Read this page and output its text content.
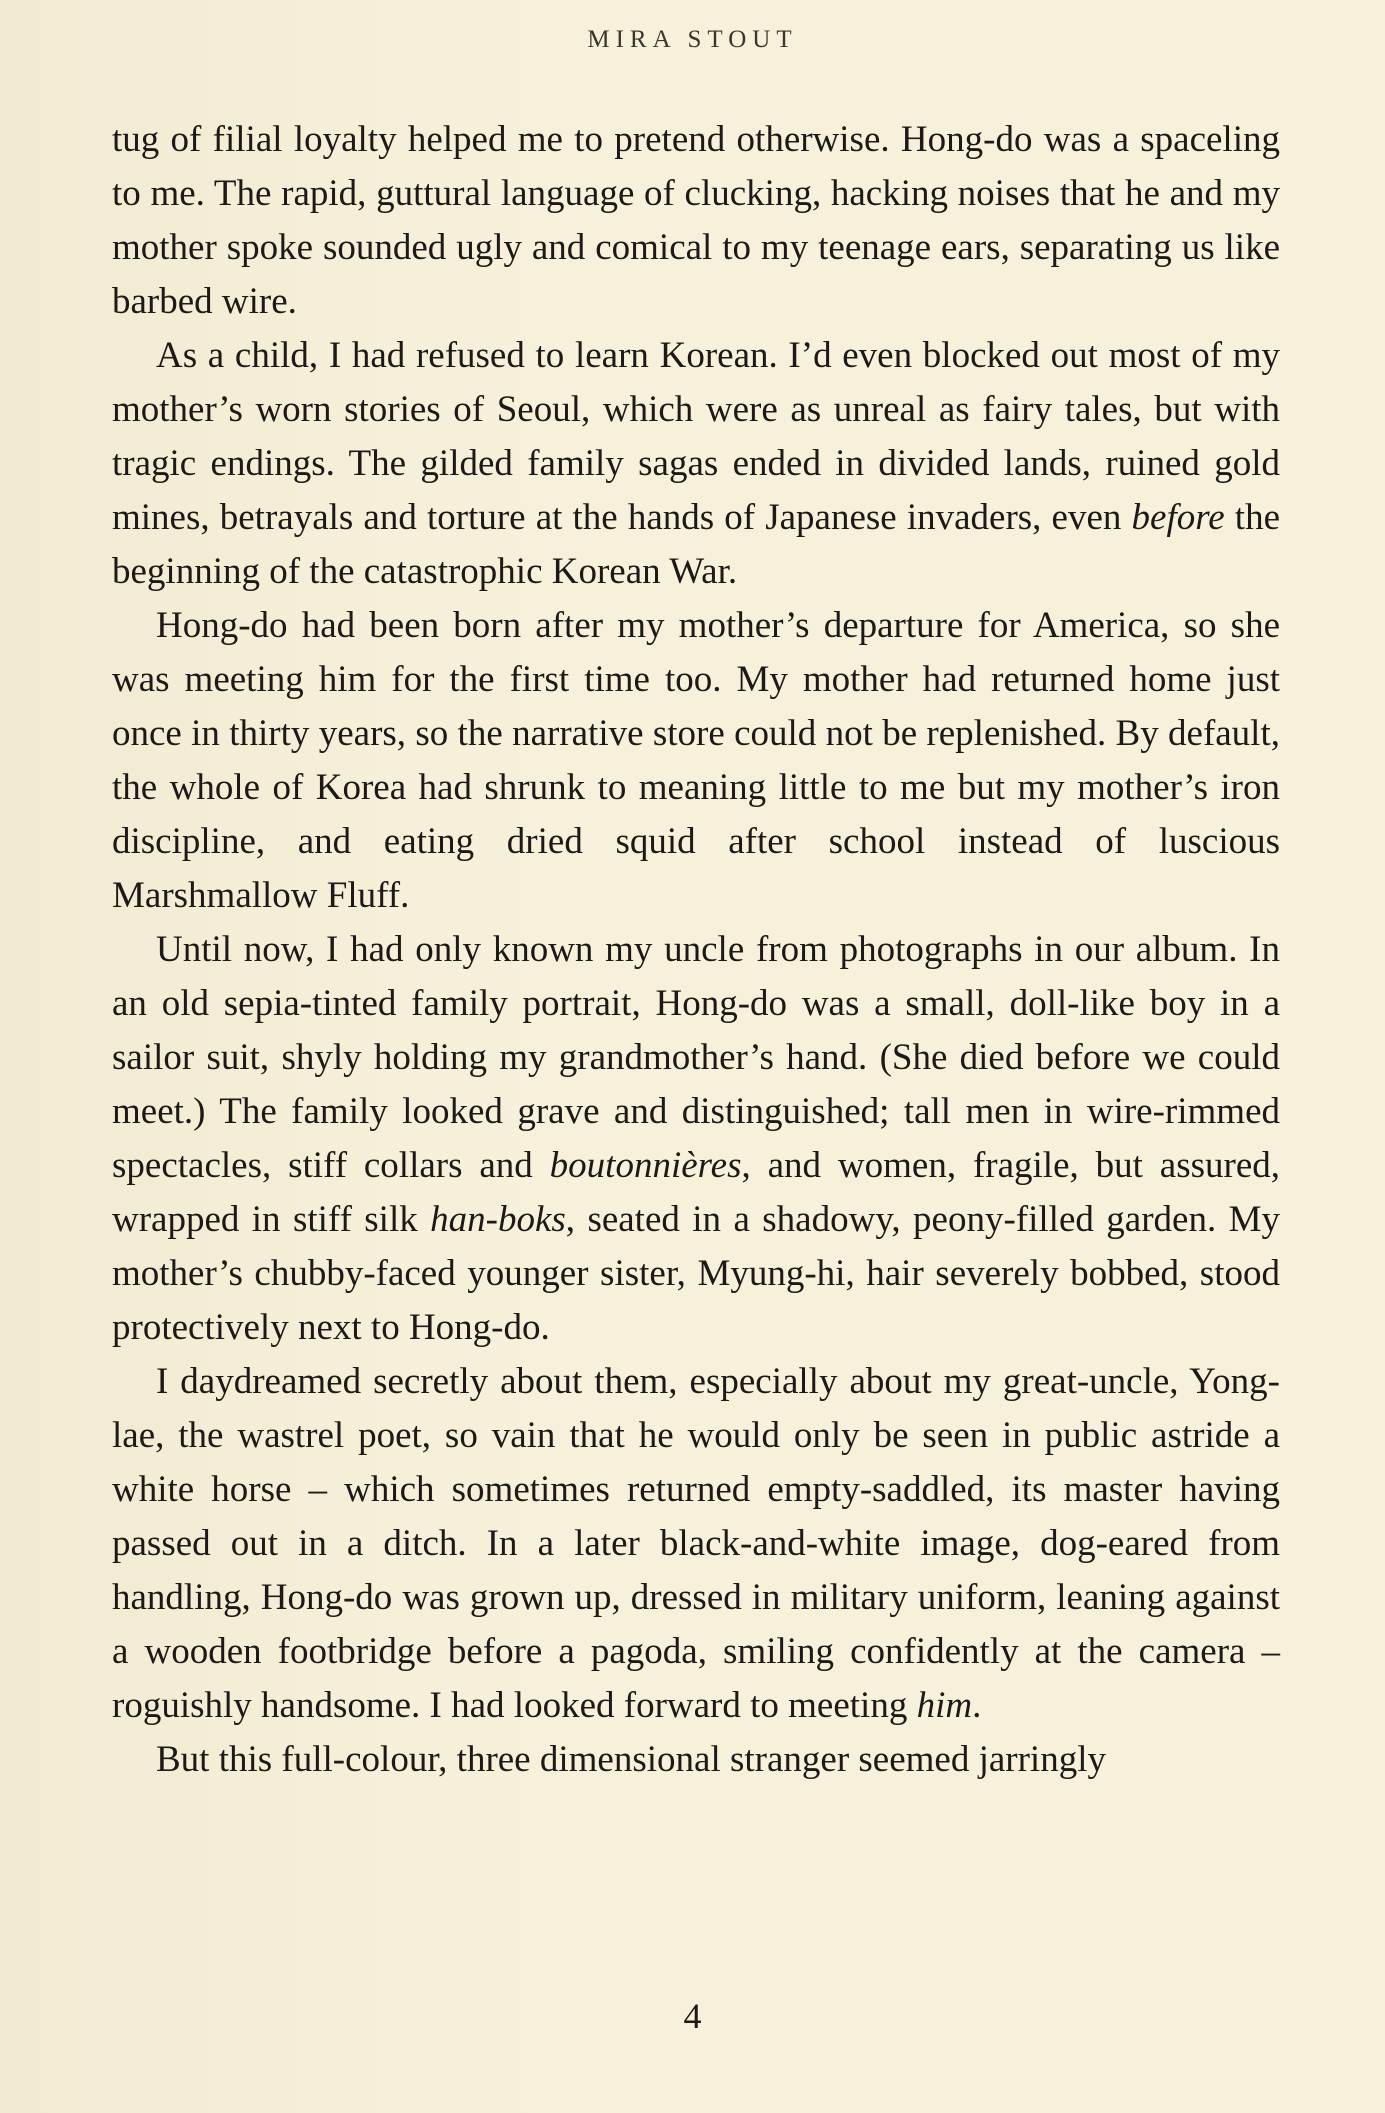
MIRA STOUT

tug of filial loyalty helped me to pretend otherwise. Hong-do was a spaceling to me. The rapid, guttural language of clucking, hacking noises that he and my mother spoke sounded ugly and comical to my teenage ears, separating us like barbed wire.

As a child, I had refused to learn Korean. I’d even blocked out most of my mother’s worn stories of Seoul, which were as unreal as fairy tales, but with tragic endings. The gilded family sagas ended in divided lands, ruined gold mines, betrayals and torture at the hands of Japanese invaders, even before the beginning of the catastrophic Korean War.

Hong-do had been born after my mother’s departure for America, so she was meeting him for the first time too. My mother had returned home just once in thirty years, so the narrative store could not be replenished. By default, the whole of Korea had shrunk to meaning little to me but my mother’s iron discipline, and eating dried squid after school instead of luscious Marshmallow Fluff.

Until now, I had only known my uncle from photographs in our album. In an old sepia-tinted family portrait, Hong-do was a small, doll-like boy in a sailor suit, shyly holding my grandmother’s hand. (She died before we could meet.) The family looked grave and distinguished; tall men in wire-rimmed spectacles, stiff collars and boutonnières, and women, fragile, but assured, wrapped in stiff silk han-boks, seated in a shadowy, peony-filled garden. My mother’s chubby-faced younger sister, Myung-hi, hair severely bobbed, stood protectively next to Hong-do.

I daydreamed secretly about them, especially about my great-uncle, Yong-lae, the wastrel poet, so vain that he would only be seen in public astride a white horse – which sometimes returned empty-saddled, its master having passed out in a ditch. In a later black-and-white image, dog-eared from handling, Hong-do was grown up, dressed in military uniform, leaning against a wooden footbridge before a pagoda, smiling confidently at the camera – roguishly handsome. I had looked forward to meeting him.

But this full-colour, three dimensional stranger seemed jarringly

4
